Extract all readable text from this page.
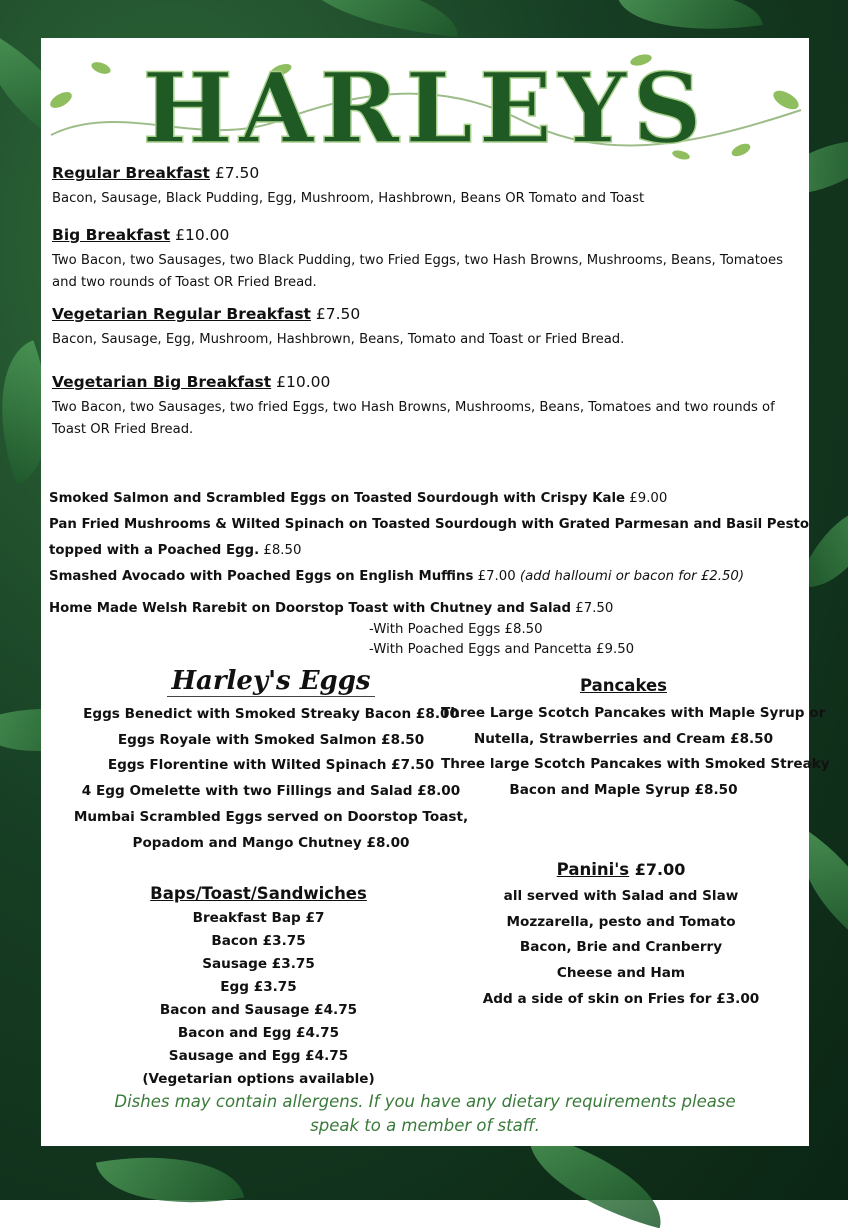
HARLEYS
Regular Breakfast £7.50
Bacon, Sausage, Black Pudding, Egg, Mushroom, Hashbrown, Beans OR Tomato and Toast
Big Breakfast £10.00
Two Bacon, two Sausages, two Black Pudding, two Fried Eggs, two Hash Browns, Mushrooms, Beans, Tomatoes and two rounds of Toast OR Fried Bread.
Vegetarian Regular Breakfast £7.50
Bacon, Sausage, Egg, Mushroom, Hashbrown, Beans, Tomato and Toast or Fried Bread.
Vegetarian Big Breakfast £10.00
Two Bacon, two Sausages, two fried Eggs, two Hash Browns, Mushrooms, Beans, Tomatoes and two rounds of Toast OR Fried Bread.
Smoked Salmon and Scrambled Eggs on Toasted Sourdough with Crispy Kale £9.00
Pan Fried Mushrooms & Wilted Spinach on Toasted Sourdough with Grated Parmesan and Basil Pesto
topped with a Poached Egg. £8.50
Smashed Avocado with Poached Eggs on English Muffins £7.00 (add halloumi or bacon for £2.50)
Home Made Welsh Rarebit on Doorstop Toast with Chutney and Salad £7.50
-With Poached Eggs £8.50
-With Poached Eggs and Pancetta £9.50
Harley's Eggs
Eggs Benedict with Smoked Streaky Bacon £8.00
Eggs Royale with Smoked Salmon £8.50
Eggs Florentine with Wilted Spinach £7.50
4 Egg Omelette with two Fillings and Salad £8.00
Mumbai Scrambled Eggs served on Doorstop Toast,
Popadom and Mango Chutney £8.00
Pancakes
Three Large Scotch Pancakes with Maple Syrup or
Nutella, Strawberries and Cream £8.50
Three large Scotch Pancakes with Smoked Streaky
Bacon and Maple Syrup £8.50
Baps/Toast/Sandwiches
Breakfast Bap £7
Bacon £3.75
Sausage £3.75
Egg £3.75
Bacon and Sausage £4.75
Bacon and Egg £4.75
Sausage and Egg £4.75
(Vegetarian options available)
Panini's £7.00
all served with Salad and Slaw
Mozzarella, pesto and Tomato
Bacon, Brie and Cranberry
Cheese and Ham
Add a side of skin on Fries for £3.00
Dishes may contain allergens. If you have any dietary requirements please
speak to a member of staff.
